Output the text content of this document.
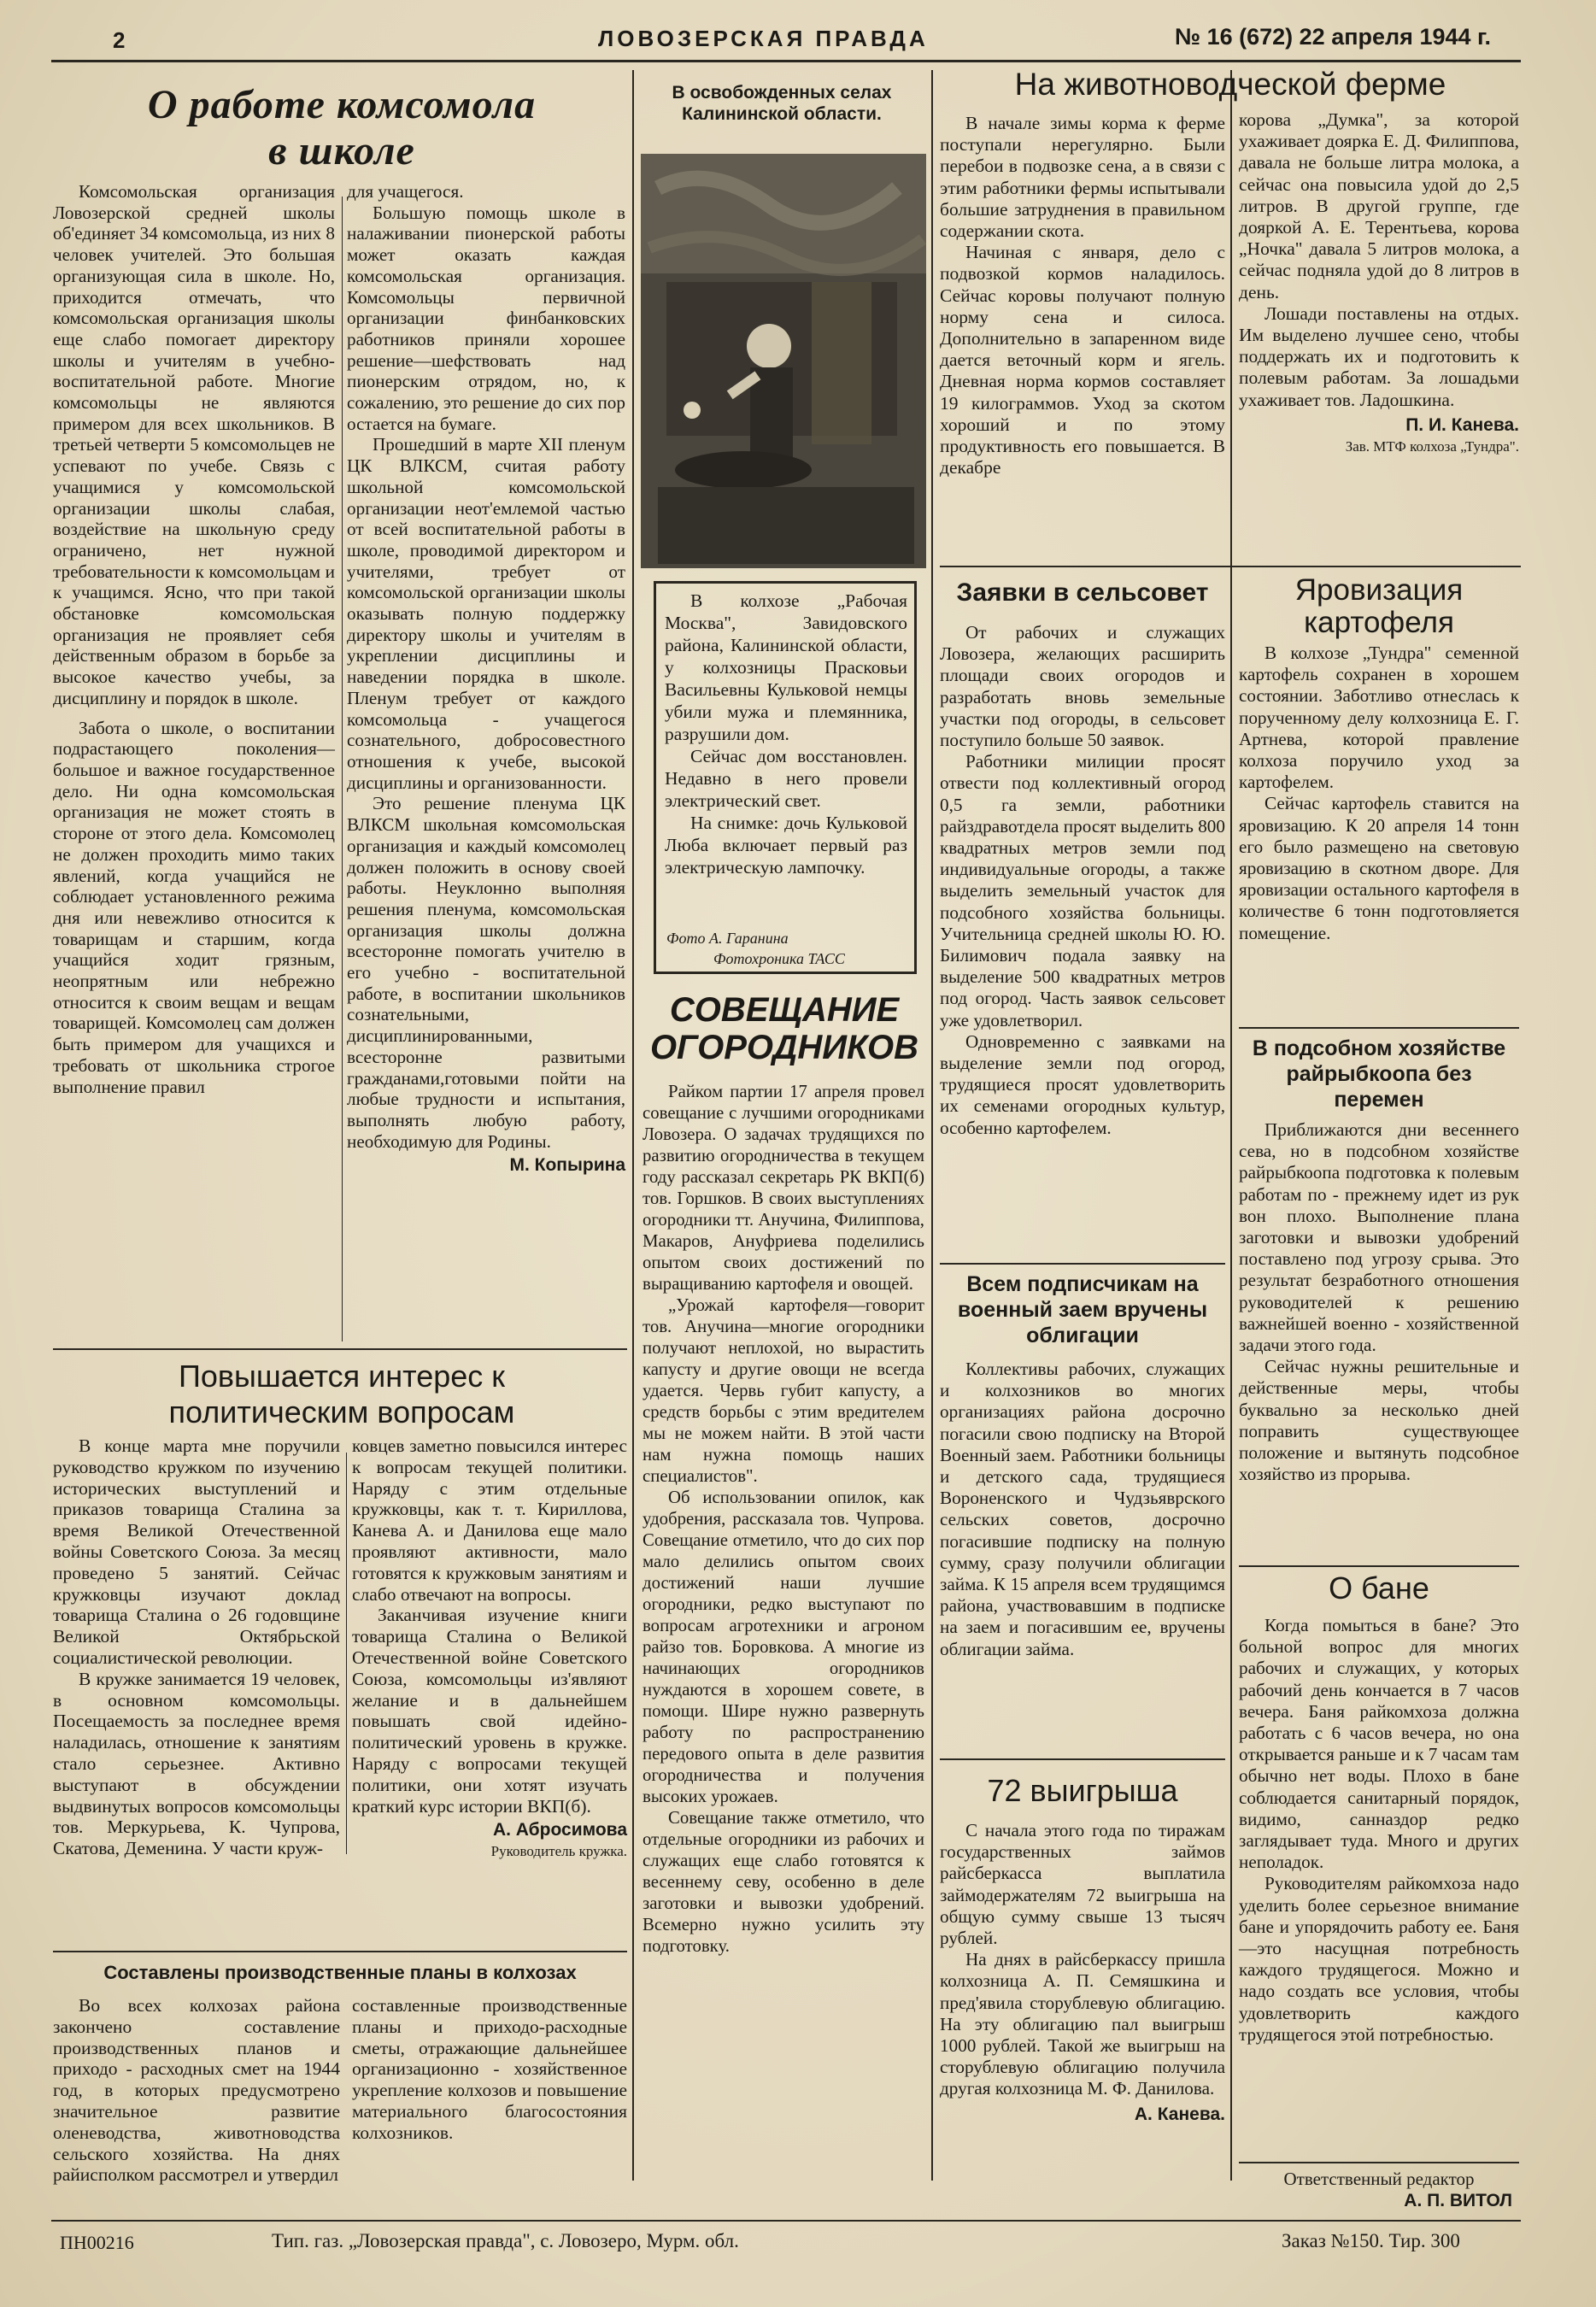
2	ЛОВОЗЕРСКАЯ ПРАВДА	№ 16 (672) 22 апреля 1944 г.
О работе комсомола
в школе

Комсомольская организация Ловозерской средней школы об'единяет 34 комсомольца, из них 8 человек учителей. Это большая организующая сила в школе. Но, приходится отмечать, что комсомольская организация школы еще слабо помогает директору школы и учителям в учебно-воспитательной работе. Многие комсомольцы не являются примером для всех школьников. В третьей четверти 5 комсомольцев не успевают по учебе. Связь с учащимися у комсомольской организации школы слабая, воздействие на школьную среду ограничено, нет нужной требовательности к комсомольцам и к учащимся. Ясно, что при такой обстановке комсомольская организация не проявляет себя действенным образом в борьбе за высокое качество учебы, за дисциплину и порядок в школе.

Забота о школе, о воспитании подрастающего поколения—большое и важное государственное дело. Ни одна комсомольская организация не может стоять в стороне от этого дела. Комсомолец не должен проходить мимо таких явлений, когда учащийся не соблюдает установленного режима дня или невежливо относится к товарищам и старшим, когда учащийся ходит грязным, неопрятным или небрежно относится к своим вещам и вещам товарищей. Комсомолец сам должен быть примером для учащихся и требовать от школьника строгое выполнение правил

для учащегося.

Большую помощь школе в налаживании пионерской работы может оказать каждая комсомольская организация. Комсомольцы первичной организации финбанковских работников приняли хорошее решение—шефствовать над пионерским отрядом, но, к сожалению, это решение до сих пор остается на бумаге.

Прошедший в марте XII пленум ЦК ВЛКСМ, считая работу школьной комсомольской организации неот'емлемой частью от всей воспитательной работы в школе, проводимой директором и учителями, требует от комсомольской организации школы оказывать полную поддержку директору школы и учителям в укреплении дисциплины и наведении порядка в школе. Пленум требует от каждого комсомольца - учащегося сознательного, добросовестного отношения к учебе, высокой дисциплины и организованности.

Это решение пленума ЦК ВЛКСМ школьная комсомольская организация и каждый комсомолец должен положить в основу своей работы. Неуклонно выполняя решения пленума, комсомольская организация школы должна всесторонне помогать учителю в его учебно - воспитательной работе, в воспитании школьников сознательными, дисциплинированными, всесторонне развитыми гражданами,готовыми пойти на любые трудности и испытания, выполнять любую работу, необходимую для Родины.

М. Копырина

Повышается интерес к
политическим вопросам

В конце марта мне поручили руководство кружком по изучению исторических выступлений и приказов товарища Сталина за время Великой Отечественной войны Советского Союза. За месяц проведено 5 занятий. Сейчас кружковцы изучают доклад товарища Сталина о 26 годовщине Великой Октябрьской социалистической революции.

В кружке занимается 19 человек, в основном комсомольцы. Посещаемость за последнее время наладилась, отношение к занятиям стало серьезнее. Активно выступают в обсуждении выдвинутых вопросов комсомольцы тов. Меркурьева, К. Чупрова, Скатова, Деменина. У части круж-

ковцев заметно повысился интерес к вопросам текущей политики. Наряду с этим отдельные кружковцы, как т. т. Кириллова, Канева А. и Данилова еще мало проявляют активности, мало готовятся к кружковым занятиям и слабо отвечают на вопросы.

Заканчивая изучение книги товарища Сталина о Великой Отечественной войне Советского Союза, комсомольцы из'являют желание и в дальнейшем повышать свой идейно-политический уровень в кружке. Наряду с вопросами текущей политики, они хотят изучать краткий курс истории ВКП(б).

А. Абросимова

Руководитель кружка.

Составлены производственные планы в колхозах

Во всех колхозах района закончено составление производственных планов и приходо - расходных смет на 1944 год, в которых предусмотрено значительное развитие оленеводства, животноводства сельского хозяйства. На днях райисполком рассмотрел и утвердил

составленные производственные планы и приходо-расходные сметы, отражающие дальнейшее организационно - хозяйственное укрепление колхозов и повышение материального благосостояния колхозников.

В освобожденных селах Калининской области.

В колхозе „Рабочая Москва", Завидовского района, Калининской области, у колхозницы Прасковьи Васильевны Кульковой немцы убили мужа и племянника, разрушили дом.

Сейчас дом восстановлен. Недавно в него провели электрический свет.

На снимке: дочь Кульковой Люба включает первый раз электрическую лампочку.

Фото А. Гаранина
Фотохроника ТАСС
СОВЕЩАНИЕ
ОГОРОДНИКОВ

Райком партии 17 апреля провел совещание с лучшими огородниками Ловозера. О задачах трудящихся по развитию огородничества в текущем году рассказал секретарь РК ВКП(б) тов. Горшков. В своих выступлениях огородники тт. Анучина, Филиппова, Макаров, Ануфриева поделились опытом своих достижений по выращиванию картофеля и овощей.

„Урожай картофеля—говорит тов. Анучина—многие огородники получают неплохой, но вырастить капусту и другие овощи не всегда удается. Червь губит капусту, а средств борьбы с этим вредителем мы не можем найти. В этой части нам нужна помощь наших специалистов".

Об использовании опилок, как удобрения, рассказала тов. Чупрова. Совещание отметило, что до сих пор мало делились опытом своих достижений наши лучшие огородники, редко выступают по вопросам агротехники и агроном райзо тов. Боровкова. А многие из начинающих огородников нуждаются в хорошем совете, в помощи. Шире нужно развернуть работу по распространению передового опыта в деле развития огородничества и получения высоких урожаев.

Совещание также отметило, что отдельные огородники из рабочих и служащих еще слабо готовятся к весеннему севу, особенно в деле заготовки и вывозки удобрений. Всемерно нужно усилить эту подготовку.

На животноводческой ферме

В начале зимы корма к ферме поступали нерегулярно. Были перебои в подвозке сена, а в связи с этим работники фермы испытывали большие затруднения в правильном содержании скота.

Начиная с января, дело с подвозкой кормов наладилось. Сейчас коровы получают полную норму сена и силоса. Дополнительно в запаренном виде дается веточный корм и ягель. Дневная норма кормов составляет 19 килограммов. Уход за скотом хороший и по этому продуктивность его повышается. В декабре

корова „Думка", за которой ухаживает доярка Е. Д. Филиппова, давала не больше литра молока, а сейчас она повысила удой до 2,5 литров. В другой группе, где дояркой А. Е. Терентьева, корова „Ночка" давала 5 литров молока, а сейчас подняла удой до 8 литров в день.

Лошади поставлены на отдых. Им выделено лучшее сено, чтобы поддержать их и подготовить к полевым работам. За лошадьми ухаживает тов. Ладошкина.

П. И. Канева.

Зав. МТФ колхоза „Тундра".

Заявки в сельсовет

От рабочих и служащих Ловозера, желающих расширить площади своих огородов и разработать вновь земельные участки под огороды, в сельсовет поступило больше 50 заявок.

Работники милиции просят отвести под коллективный огород 0,5 га земли, работники райздравотдела просят выделить 800 квадратных метров земли под индивидуальные огороды, а также выделить земельный участок для подсобного хозяйства больницы. Учительница средней школы Ю. Ю. Билимович подала заявку на выделение 500 квадратных метров под огород. Часть заявок сельсовет уже удовлетворил.

Одновременно с заявками на выделение земли под огород, трудящиеся просят удовлетворить их семенами огородных культур, особенно картофелем.

Всем подписчикам на военный заем вручены облигации

Коллективы рабочих, служащих и колхозников во многих организациях района досрочно погасили свою подписку на Второй Военный заем. Работники больницы и детского сада, трудящиеся Вороненского и Чудзьяврского сельских советов, досрочно погасившие подписку на полную сумму, сразу получили облигации займа. К 15 апреля всем трудящимся района, участвовавшим в подписке на заем и погасившим ее, вручены облигации займа.

72 выигрыша

С начала этого года по тиражам государственных займов райсберкасса выплатила займодержателям 72 выигрыша на общую сумму свыше 13 тысяч рублей.

На днях в райсберкассу пришла колхозница А. П. Семяшкина и пред'явила сторублевую облигацию. На эту облигацию пал выигрыш 1000 рублей. Такой же выигрыш на сторублевую облигацию получила другая колхозница М. Ф. Данилова.

А. Канева.

Яровизация
картофеля

В колхозе „Тундра" семенной картофель сохранен в хорошем состоянии. Заботливо отнеслась к порученному делу колхозница Е. Г. Артнева, которой правление колхоза поручило уход за картофелем.

Сейчас картофель ставится на яровизацию. К 20 апреля 14 тонн его было размещено на световую яровизацию в скотном дворе. Для яровизации остального картофеля в количестве 6 тонн подготовляется помещение.

В подсобном хозяйстве райрыбкоопа без перемен

Приближаются дни весеннего сева, но в подсобном хозяйстве райрыбкоопа подготовка к полевым работам по - прежнему идет из рук вон плохо. Выполнение плана заготовки и вывозки удобрений поставлено под угрозу срыва. Это результат безработного отношения руководителей к решению важнейшей военно - хозяйственной задачи этого года.

Сейчас нужны решительные и действенные меры, чтобы буквально за несколько дней поправить существующее положение и вытянуть подсобное хозяйство из прорыва.

О бане

Когда помыться в бане? Это больной вопрос для многих рабочих и служащих, у которых рабочий день кончается в 7 часов вечера. Баня райкомхоза должна работать с 6 часов вечера, но она открывается раньше и к 7 часам там обычно нет воды. Плохо в бане соблюдается санитарный порядок, видимо, санназдор редко заглядывает туда. Много и других неполадок.

Руководителям райкомхоза надо уделить более серьезное внимание бане и упорядочить работу ее. Баня—это насущная потребность каждого трудящегося. Можно и надо создать все условия, чтобы удовлетворить каждого трудящегося этой потребностью.

Ответственный редактор
А. П. ВИТОЛ
ПН00216	Тип. газ. „Ловозерская правда", с. Ловозеро, Мурм. обл.	Заказ №150. Тир. 300
